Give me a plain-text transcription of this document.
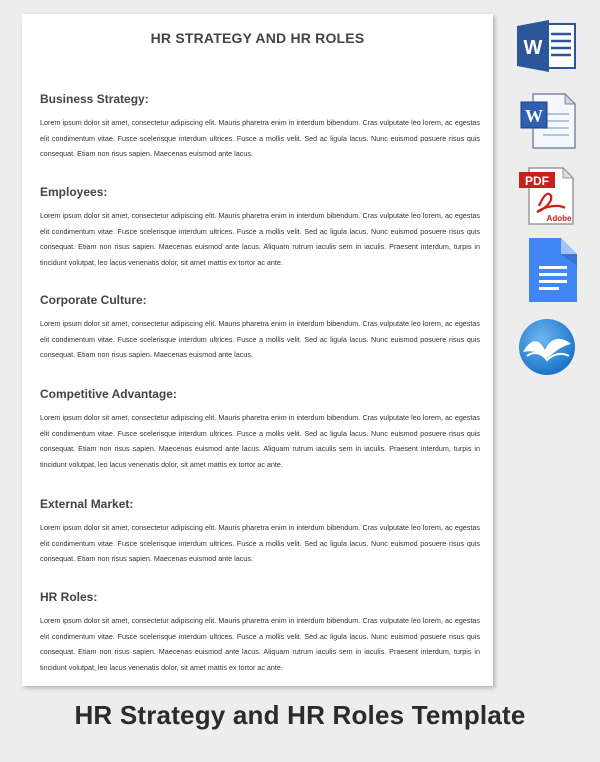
HR STRATEGY AND HR ROLES
Business Strategy:

Lorem ipsum dolor sit amet, consectetur adipiscing elit. Mauris pharetra enim in interdum bibendum. Cras vulputate leo lorem, ac egestas elit condimentum vitae. Fusce scelerisque interdum ultrices. Fusce a mollis velit. Sed ac ligula lacus. Nunc euismod posuere risus quis consequat. Etiam non risus sapien. Maecenas euismod ante lacus.

Employees:

Lorem ipsum dolor sit amet, consectetur adipiscing elit. Mauris pharetra enim in interdum bibendum. Cras vulputate leo lorem, ac egestas elit condimentum vitae. Fusce scelerisque interdum ultrices. Fusce a mollis velit. Sed ac ligula lacus. Nunc euismod posuere risus quis consequat. Etiam non risus sapien. Maecenas euismod ante lacus. Aliquam rutrum iaculis sem in iaculis. Praesent interdum, turpis in tincidunt volutpat, leo lacus venenatis dolor, sit amet mattis ex tortor ac ante.

Corporate Culture:

Lorem ipsum dolor sit amet, consectetur adipiscing elit. Mauris pharetra enim in interdum bibendum. Cras vulputate leo lorem, ac egestas elit condimentum vitae. Fusce scelerisque interdum ultrices. Fusce a mollis velit. Sed ac ligula lacus. Nunc euismod posuere risus quis consequat. Etiam non risus sapien. Maecenas euismod ante lacus.

Competitive Advantage:

Lorem ipsum dolor sit amet, consectetur adipiscing elit. Mauris pharetra enim in interdum bibendum. Cras vulputate leo lorem, ac egestas elit condimentum vitae. Fusce scelerisque interdum ultrices. Fusce a mollis velit. Sed ac ligula lacus. Nunc euismod posuere risus quis consequat. Etiam non risus sapien. Maecenas euismod ante lacus. Aliquam rutrum iaculis sem in iaculis. Praesent interdum, turpis in tincidunt volutpat, leo lacus venenatis dolor, sit amet mattis ex tortor ac ante.

External Market:

Lorem ipsum dolor sit amet, consectetur adipiscing elit. Mauris pharetra enim in interdum bibendum. Cras vulputate leo lorem, ac egestas elit condimentum vitae. Fusce scelerisque interdum ultrices. Fusce a mollis velit. Sed ac ligula lacus. Nunc euismod posuere risus quis consequat. Etiam non risus sapien. Maecenas euismod ante lacus.

HR Roles:

Lorem ipsum dolor sit amet, consectetur adipiscing elit. Mauris pharetra enim in interdum bibendum. Cras vulputate leo lorem, ac egestas elit condimentum vitae. Fusce scelerisque interdum ultrices. Fusce a mollis velit. Sed ac ligula lacus. Nunc euismod posuere risus quis consequat. Etiam non risus sapien. Maecenas euismod ante lacus. Aliquam rutrum iaculis sem in iaculis. Praesent interdum, turpis in tincidunt volutpat, leo lacus venenatis dolor, sit amet mattis ex tortor ac ante.

W
W
PDF
Adobe
HR Strategy and HR Roles Template
